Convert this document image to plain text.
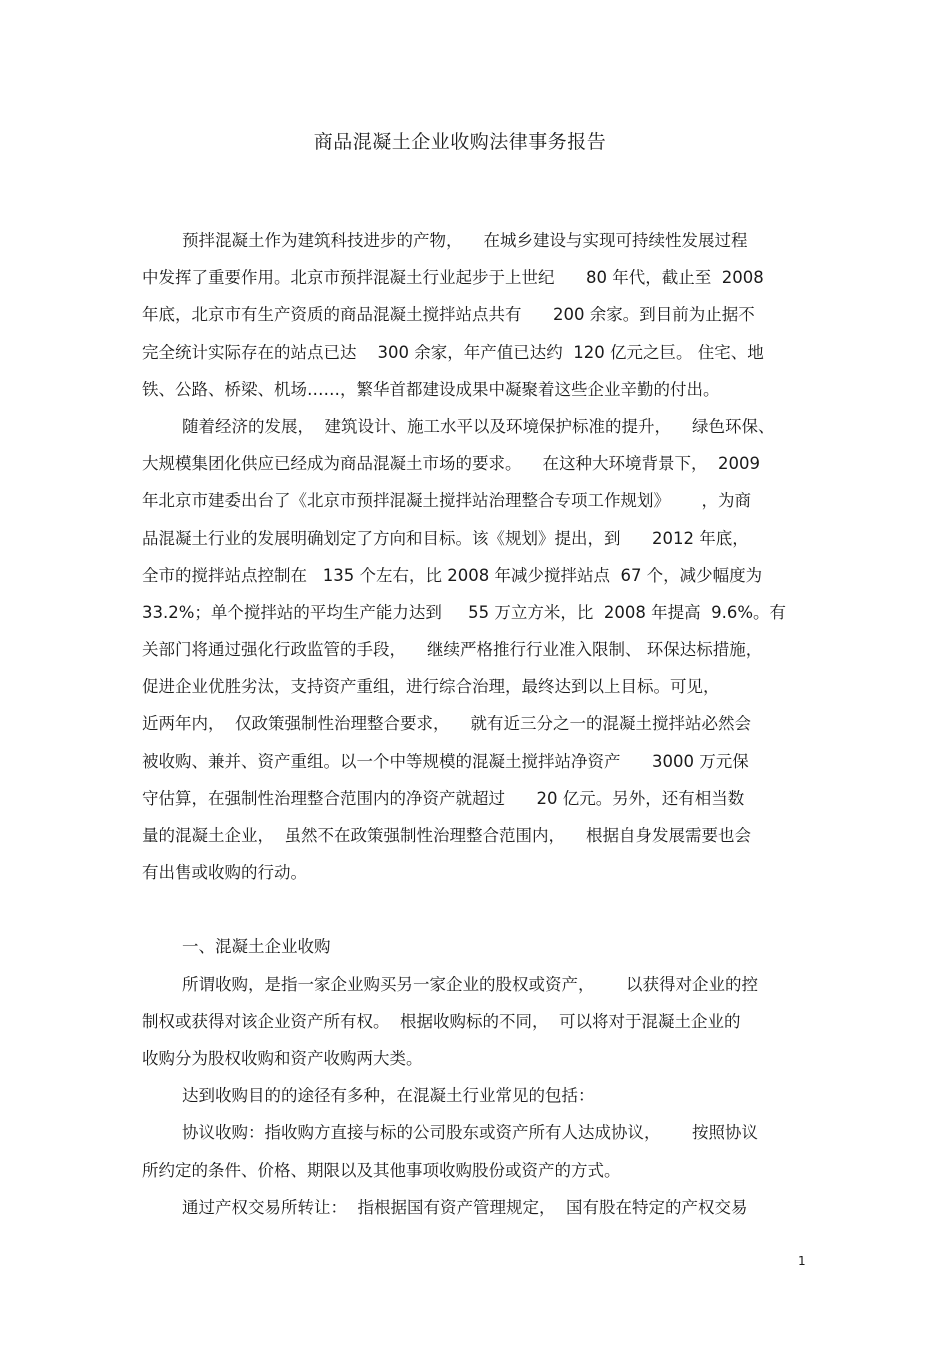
商品混凝土企业收购法律事务报告
预拌混凝土作为建筑科技进步的产物，    在城乡建设与实现可持续性发展过程
中发挥了重要作用。北京市预拌混凝土行业起步于上世纪      80 年代，截止至  2008
年底，北京市有生产资质的商品混凝土搅拌站点共有      200 余家。到目前为止据不
完全统计实际存在的站点已达    300 余家，年产值已达约  120 亿元之巨。 住宅、地
铁、公路、桥梁、机场……，繁华首都建设成果中凝聚着这些企业辛勤的付出。
随着经济的发展，  建筑设计、施工水平以及环境保护标准的提升，    绿色环保、
大规模集团化供应已经成为商品混凝土市场的要求。    在这种大环境背景下，  2009
年北京市建委出台了《北京市预拌混凝土搅拌站治理整合专项工作规划》      ，为商
品混凝土行业的发展明确划定了方向和目标。该《规划》提出，到      2012 年底，
全市的搅拌站点控制在   135 个左右，比 2008 年减少搅拌站点  67 个，减少幅度为
33.2%；单个搅拌站的平均生产能力达到     55 万立方米，比  2008 年提高  9.6%。有
关部门将通过强化行政监管的手段，    继续严格推行行业准入限制、 环保达标措施，
促进企业优胜劣汰，支持资产重组，进行综合治理，最终达到以上目标。可见，
近两年内，  仅政策强制性治理整合要求，    就有近三分之一的混凝土搅拌站必然会
被收购、兼并、资产重组。以一个中等规模的混凝土搅拌站净资产      3000 万元保
守估算，在强制性治理整合范围内的净资产就超过      20 亿元。另外，还有相当数
量的混凝土企业，  虽然不在政策强制性治理整合范围内，    根据自身发展需要也会
有出售或收购的行动。
一、混凝土企业收购
所谓收购，是指一家企业购买另一家企业的股权或资产，      以获得对企业的控
制权或获得对该企业资产所有权。  根据收购标的不同，  可以将对于混凝土企业的
收购分为股权收购和资产收购两大类。
达到收购目的的途径有多种，在混凝土行业常见的包括：
协议收购：指收购方直接与标的公司股东或资产所有人达成协议，      按照协议
所约定的条件、价格、期限以及其他事项收购股份或资产的方式。
通过产权交易所转让：  指根据国有资产管理规定，  国有股在特定的产权交易
1
